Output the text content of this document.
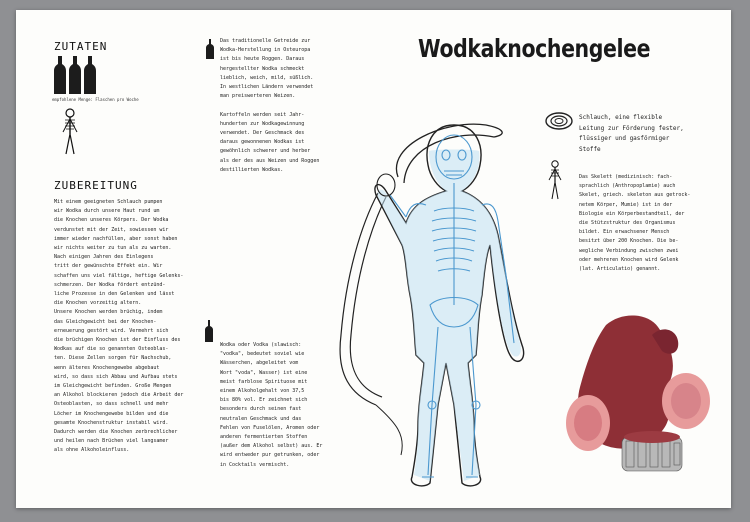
ZUTATEN
empfohlene Menge: Flaschen pro Woche
ZUBEREITUNG
Mit einem geeigneten Schlauch pumpen
wir Wodka durch unsere Haut rund um
die Knochen unseres Körpers. Der Wodka
verdunstet mit der Zeit, sowiessen wir
immer wieder nachfüllen, aber sonst haben
wir nichts weiter zu tun als zu warten.
Nach einigen Jahren des Einlegens
tritt der gewünschte Effekt ein. Wir
schaffen uns viel fältige, heftige Gelenks-
schmerzen. Der Wodka fördert entzünd-
liche Prozesse in den Gelenken und lässt
die Knochen vorzeitig altern.
Unsere Knochen werden brüchig, indem
das Gleichgewicht bei der Knochen-
erneuerung gestört wird. Vermehrt sich
die brüchigen Knochen ist der Einfluss des
Wodkas auf die so genannten Osteoblas-
ten. Diese Zellen sorgen für Nachschub,
wenn älteres Knochengewebe abgebaut
wird, so dass sich Abbau und Aufbau stets
im Gleichgewicht befinden. Große Mengen
an Alkohol blockieren jedoch die Arbeit der
Osteoblasten, so dass schnell und mehr
Löcher im Knochengewebe bilden und die
gesamte Knochenstruktur instabil wird.
Dadurch werden die Knochen zerbrechlicher
und heilen nach Brüchen viel langsamer
als ohne Alkoholeinfluss.
Das traditionelle Getreide zur
Wodka-Herstellung in Osteuropa
ist bis heute Roggen. Daraus
hergestellter Wodka schmeckt
lieblich, weich, mild, süßlich.
In westlichen Ländern verwendet
man preiswerteren Weizen.

Kartoffeln werden seit Jahr-
hunderten zur Wodkagewinnung
verwendet. Der Geschmack des
daraus gewonnenen Wodkas ist
gewöhnlich schwerer und herber
als der des aus Weizen und Roggen
destillierten Wodkas.
Wodka oder Vodka (slawisch:
"vodka", bedeutet soviel wie
Wässerchen, abgeleitet vom
Wort "voda", Wasser) ist eine
meist farblose Spirituose mit
einem Alkoholgehalt von 37,5
bis 80% vol. Er zeichnet sich
besonders durch seinen fast
neutralen Geschmack und das
Fehlen von Fuselölen, Aromen oder
anderen fermentierten Stoffen
(außer dem Alkohol selbst) aus. Er
wird entweder pur getrunken, oder
in Cocktails vermischt.
Wodkaknochengelee
Schlauch, eine flexible
Leitung zur Förderung fester,
flüssiger und gasförmiger
Stoffe
Das Skelett (medizinisch: fach-
sprachlich (Anthropoplamie) auch
Skelet, griech. skeleton aus getrock-
netem Körper, Mumie) ist in der
Biologie ein Körperbestandteil, der
die Stützstruktur des Organismus
bildet. Ein erwachsener Mensch
besitzt über 200 Knochen. Die be-
wegliche Verbindung zwischen zwei
oder mehreren Knochen wird Gelenk
(lat. Articulatio) genannt.
